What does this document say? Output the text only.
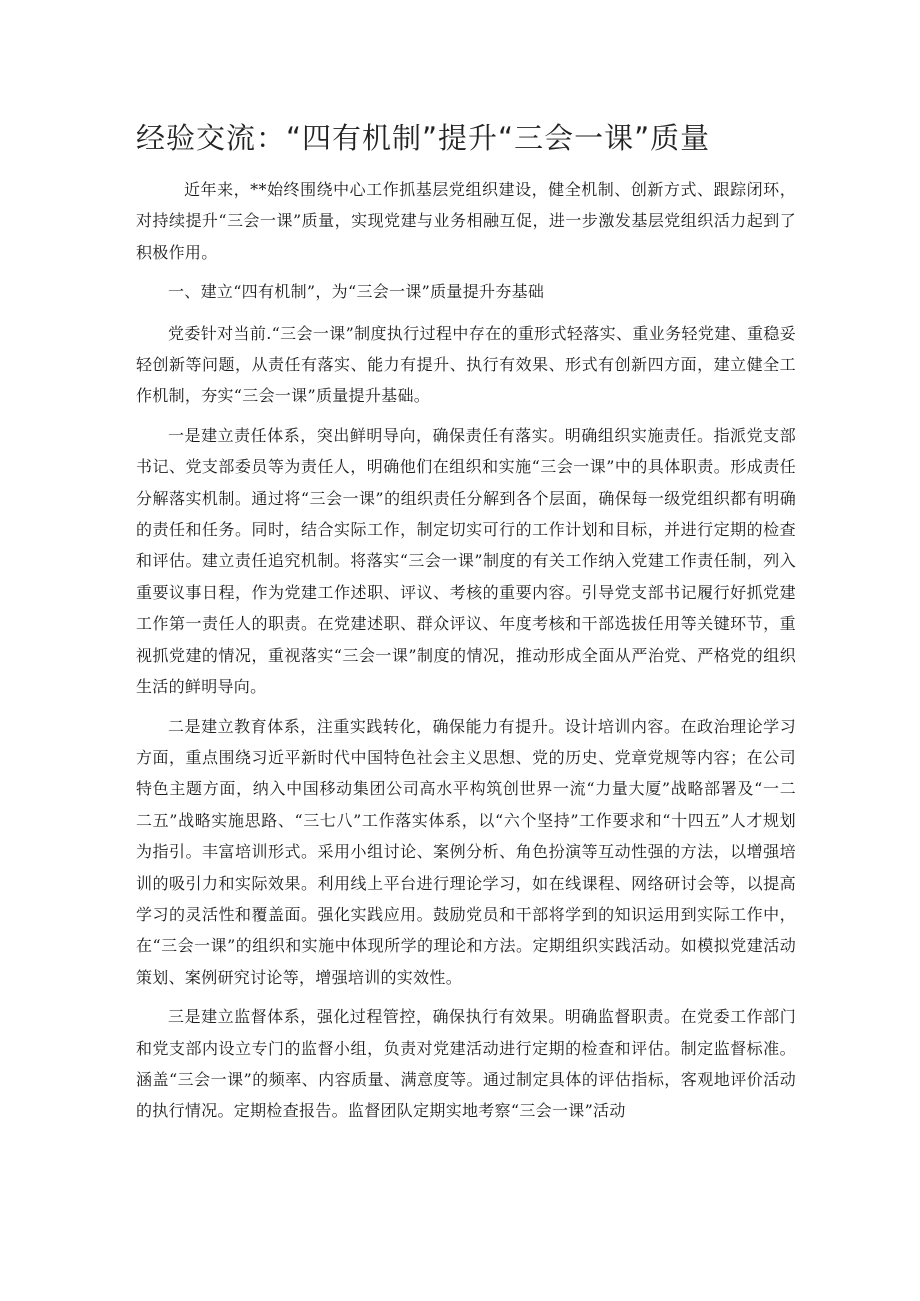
经验交流：“四有机制”提升“三会一课”质量

近年来，**始终围绕中心工作抓基层党组织建设，健全机制、创新方式、跟踪闭环，对持续提升“三会一课”质量，实现党建与业务相融互促，进一步激发基层党组织活力起到了积极作用。

一、建立“四有机制”，为“三会一课”质量提升夯基础

党委针对当前.“三会一课”制度执行过程中存在的重形式轻落实、重业务轻党建、重稳妥轻创新等问题，从责任有落实、能力有提升、执行有效果、形式有创新四方面，建立健全工作机制，夯实“三会一课”质量提升基础。

一是建立责任体系，突出鲜明导向，确保责任有落实。明确组织实施责任。指派党支部书记、党支部委员等为责任人，明确他们在组织和实施“三会一课”中的具体职责。形成责任分解落实机制。通过将“三会一课”的组织责任分解到各个层面，确保每一级党组织都有明确的责任和任务。同时，结合实际工作，制定切实可行的工作计划和目标，并进行定期的检查和评估。建立责任追究机制。将落实“三会一课”制度的有关工作纳入党建工作责任制，列入重要议事日程，作为党建工作述职、评议、考核的重要内容。引导党支部书记履行好抓党建工作第一责任人的职责。在党建述职、群众评议、年度考核和干部选拔任用等关键环节，重视抓党建的情况，重视落实“三会一课”制度的情况，推动形成全面从严治党、严格党的组织生活的鲜明导向。

二是建立教育体系，注重实践转化，确保能力有提升。设计培训内容。在政治理论学习方面，重点围绕习近平新时代中国特色社会主义思想、党的历史、党章党规等内容；在公司特色主题方面，纳入中国移动集团公司高水平构筑创世界一流“力量大厦”战略部署及“一二二五”战略实施思路、“三七八”工作落实体系，以“六个坚持”工作要求和“十四五”人才规划为指引。丰富培训形式。采用小组讨论、案例分析、角色扮演等互动性强的方法，以增强培训的吸引力和实际效果。利用线上平台进行理论学习，如在线课程、网络研讨会等，以提高学习的灵活性和覆盖面。强化实践应用。鼓励党员和干部将学到的知识运用到实际工作中，在“三会一课”的组织和实施中体现所学的理论和方法。定期组织实践活动。如模拟党建活动策划、案例研究讨论等，增强培训的实效性。

三是建立监督体系，强化过程管控，确保执行有效果。明确监督职责。在党委工作部门和党支部内设立专门的监督小组，负责对党建活动进行定期的检查和评估。制定监督标准。涵盖“三会一课”的频率、内容质量、满意度等。通过制定具体的评估指标，客观地评价活动的执行情况。定期检查报告。监督团队定期实地考察“三会一课”活动
